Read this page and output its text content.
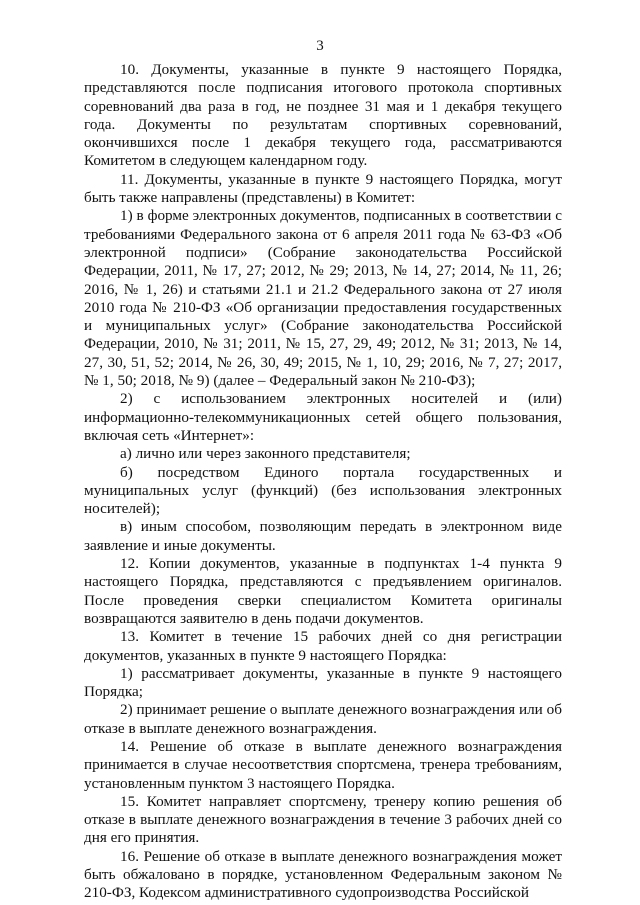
3

10. Документы, указанные в пункте 9 настоящего Порядка, представляются после подписания итогового протокола спортивных соревнований два раза в год, не позднее 31 мая и 1 декабря текущего года. Документы по результатам спортивных соревнований, окончившихся после 1 декабря текущего года, рассматриваются Комитетом в следующем календарном году.

11. Документы, указанные в пункте 9 настоящего Порядка, могут быть также направлены (представлены) в Комитет:

1) в форме электронных документов, подписанных в соответствии с требованиями Федерального закона от 6 апреля 2011 года № 63-ФЗ «Об электронной подписи» (Собрание законодательства Российской Федерации, 2011, № 17, 27; 2012, № 29; 2013, № 14, 27; 2014, № 11, 26; 2016, № 1, 26) и статьями 21.1 и 21.2 Федерального закона от 27 июля 2010 года № 210-ФЗ «Об организации предоставления государственных и муниципальных услуг» (Собрание законодательства Российской Федерации, 2010, № 31; 2011, № 15, 27, 29, 49; 2012, № 31; 2013, № 14, 27, 30, 51, 52; 2014, № 26, 30, 49; 2015, № 1, 10, 29; 2016, № 7, 27; 2017, № 1, 50; 2018, № 9) (далее – Федеральный закон № 210-ФЗ);

2) с использованием электронных носителей и (или) информационно-телекоммуникационных сетей общего пользования, включая сеть «Интернет»:

а) лично или через законного представителя;

б) посредством Единого портала государственных и муниципальных услуг (функций) (без использования электронных носителей);

в) иным способом, позволяющим передать в электронном виде заявление и иные документы.

12. Копии документов, указанные в подпунктах 1-4 пункта 9 настоящего Порядка, представляются с предъявлением оригиналов. После проведения сверки специалистом Комитета оригиналы возвращаются заявителю в день подачи документов.

13. Комитет в течение 15 рабочих дней со дня регистрации документов, указанных в пункте 9 настоящего Порядка:

1) рассматривает документы, указанные в пункте 9 настоящего Порядка;

2) принимает решение о выплате денежного вознаграждения или об отказе в выплате денежного вознаграждения.

14. Решение об отказе в выплате денежного вознаграждения принимается в случае несоответствия спортсмена, тренера требованиям, установленным пунктом 3 настоящего Порядка.

15. Комитет направляет спортсмену, тренеру копию решения об отказе в выплате денежного вознаграждения в течение 3 рабочих дней со дня его принятия.

16. Решение об отказе в выплате денежного вознаграждения может быть обжаловано в порядке, установленном Федеральным законом № 210-ФЗ, Кодексом административного судопроизводства Российской
